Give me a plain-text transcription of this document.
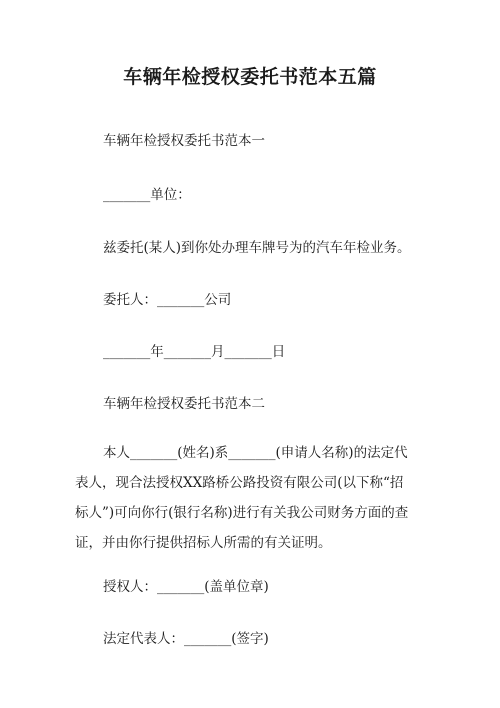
车辆年检授权委托书范本五篇

车辆年检授权委托书范本一

_______单位：

兹委托(某人)到你处办理车牌号为的汽车年检业务。

委托人：_______公司

_______年_______月_______日

车辆年检授权委托书范本二

本人_______(姓名)系_______(申请人名称)的法定代
表人，现合法授权XX路桥公路投资有限公司(以下称“招
标人”)可向你行(银行名称)进行有关我公司财务方面的查
证，并由你行提供招标人所需的有关证明。

授权人：_______(盖单位章)

法定代表人：_______(签字)
